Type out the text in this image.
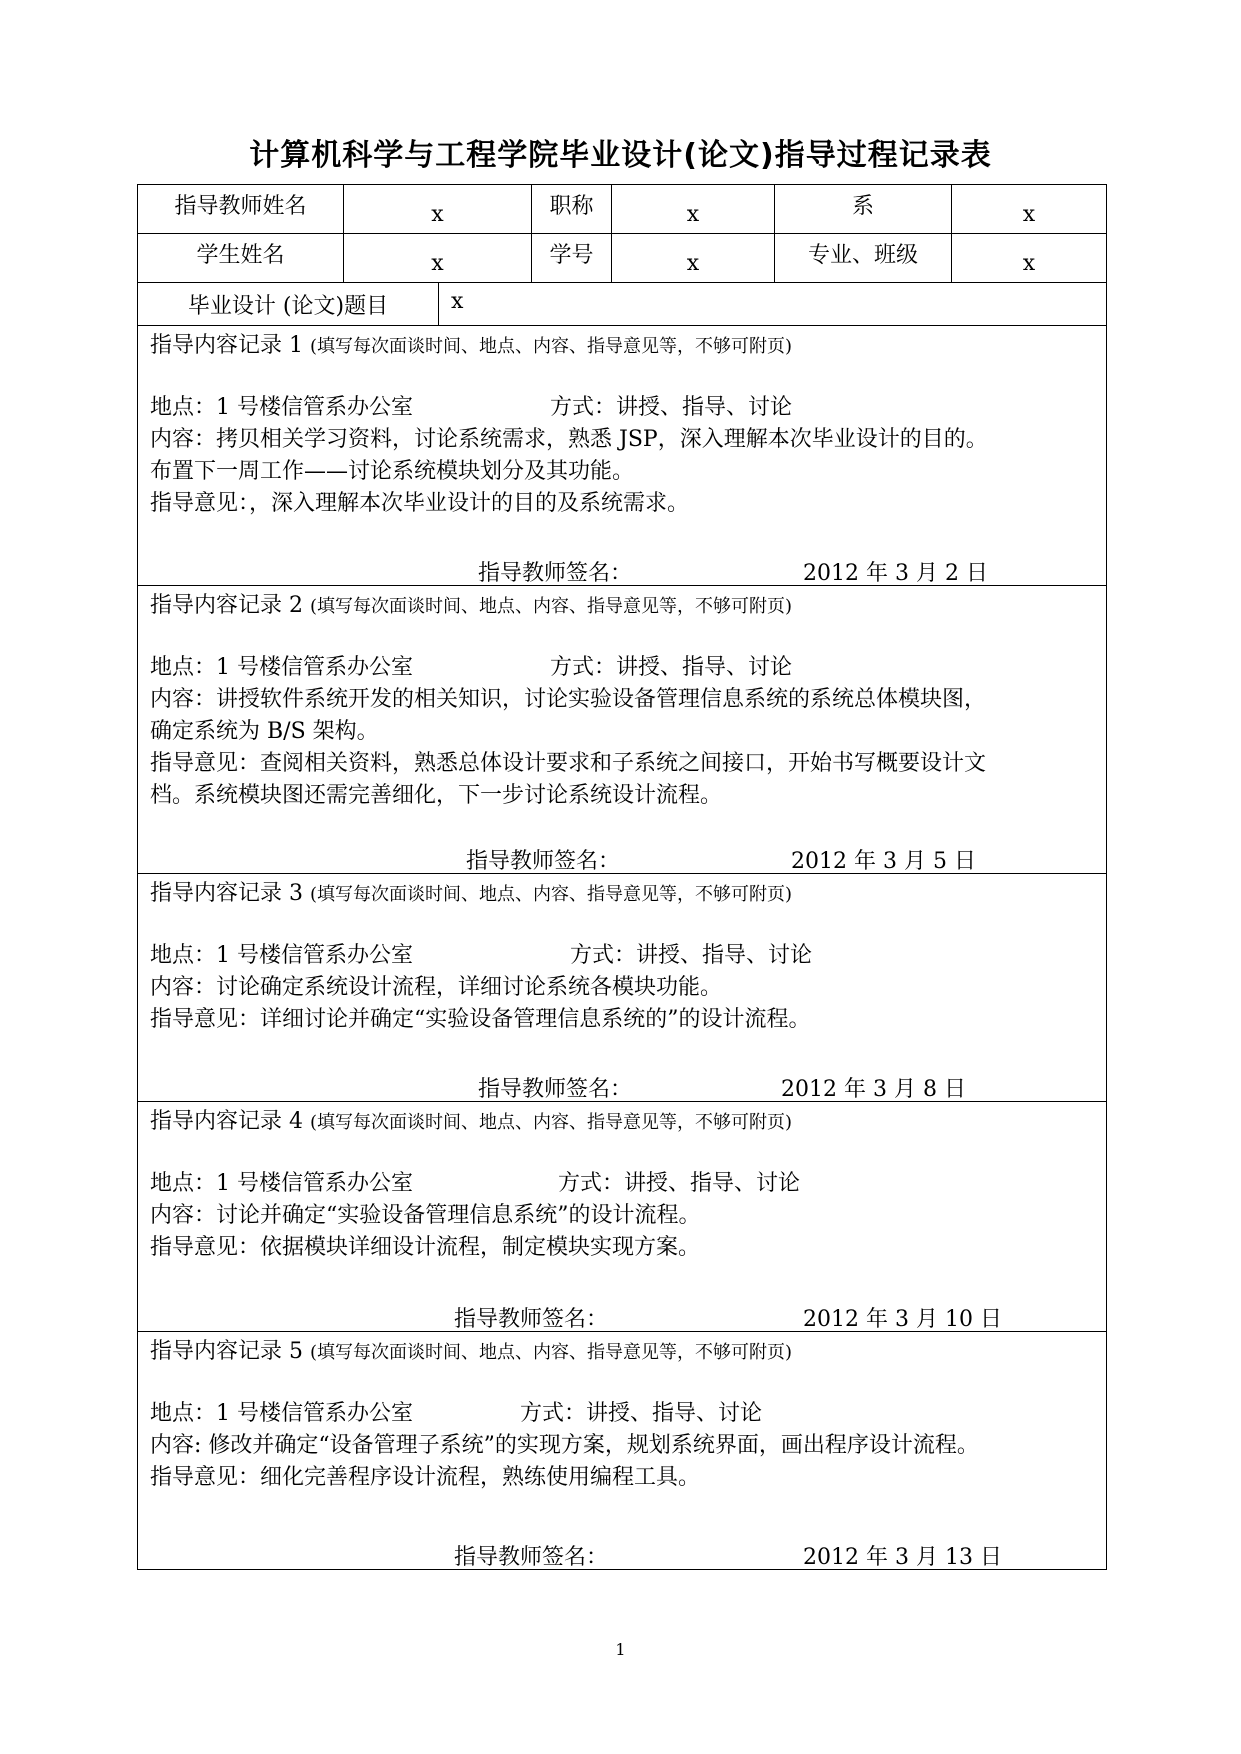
计算机科学与工程学院毕业设计(论文)指导过程记录表
指导教师姓名	x	职称	x	系	x
学生姓名	x	学号	x	专业、班级	x
毕业设计 (论文)题目	x
指导内容记录 1 (填写每次面谈时间、地点、内容、指导意见等，不够可附页)
地点：1 号楼信管系办公室	方式：讲授、指导、讨论
内容：拷贝相关学习资料，讨论系统需求，熟悉 JSP，深入理解本次毕业设计的目的。
布置下一周工作——讨论系统模块划分及其功能。
指导意见：，深入理解本次毕业设计的目的及系统需求。
指导教师签名：	2012 年 3 月 2 日
指导内容记录 2 (填写每次面谈时间、地点、内容、指导意见等，不够可附页)
地点：1 号楼信管系办公室	方式：讲授、指导、讨论
内容：讲授软件系统开发的相关知识，讨论实验设备管理信息系统的系统总体模块图，
确定系统为 B/S 架构。
指导意见：查阅相关资料，熟悉总体设计要求和子系统之间接口，开始书写概要设计文
档。系统模块图还需完善细化，下一步讨论系统设计流程。
指导教师签名：	2012 年 3 月 5 日
指导内容记录 3 (填写每次面谈时间、地点、内容、指导意见等，不够可附页)
地点：1 号楼信管系办公室	方式：讲授、指导、讨论
内容：讨论确定系统设计流程，详细讨论系统各模块功能。
指导意见：详细讨论并确定“实验设备管理信息系统的”的设计流程。
指导教师签名：	2012 年 3 月 8 日
指导内容记录 4 (填写每次面谈时间、地点、内容、指导意见等，不够可附页)
地点：1 号楼信管系办公室	方式：讲授、指导、讨论
内容：讨论并确定“实验设备管理信息系统”的设计流程。
指导意见：依据模块详细设计流程，制定模块实现方案。
指导教师签名：	2012 年 3 月 10 日
指导内容记录 5 (填写每次面谈时间、地点、内容、指导意见等，不够可附页)
地点：1 号楼信管系办公室	方式：讲授、指导、讨论
内容: 修改并确定“设备管理子系统”的实现方案，规划系统界面，画出程序设计流程。
指导意见：细化完善程序设计流程，熟练使用编程工具。
指导教师签名：	2012 年 3 月 13 日
1
